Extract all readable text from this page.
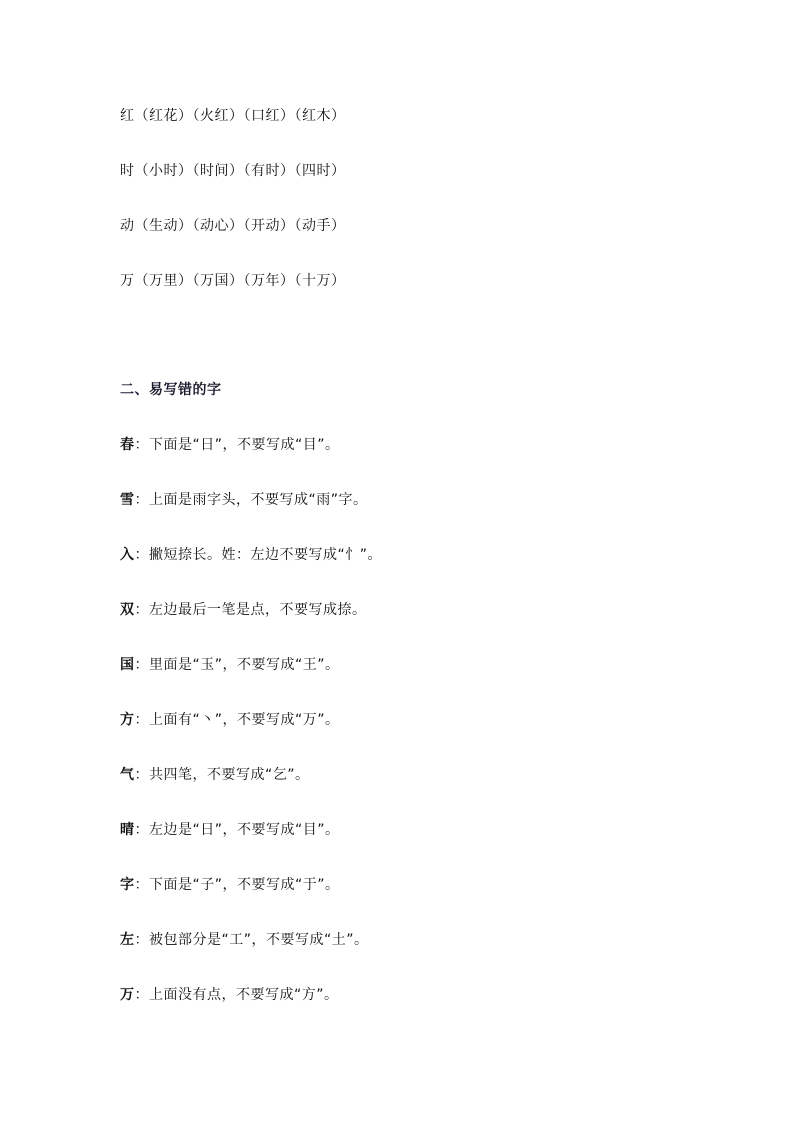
红（红花）（火红）（口红）（红木）
时（小时）（时间）（有时）（四时）
动（生动）（动心）（开动）（动手）
万（万里）（万国）（万年）（十万）
二、易写错的字
春：下面是“日”，不要写成“目”。
雪：上面是雨字头，不要写成“雨”字。
入：撇短捺长。姓：左边不要写成“忄”。
双：左边最后一笔是点，不要写成捺。
国：里面是“玉”，不要写成“王”。
方：上面有“丶”，不要写成“万”。
气：共四笔，不要写成“乞”。
晴：左边是“日”，不要写成“目”。
字：下面是“子”，不要写成“于”。
左：被包部分是“工”，不要写成“土”。
万：上面没有点，不要写成“方”。
